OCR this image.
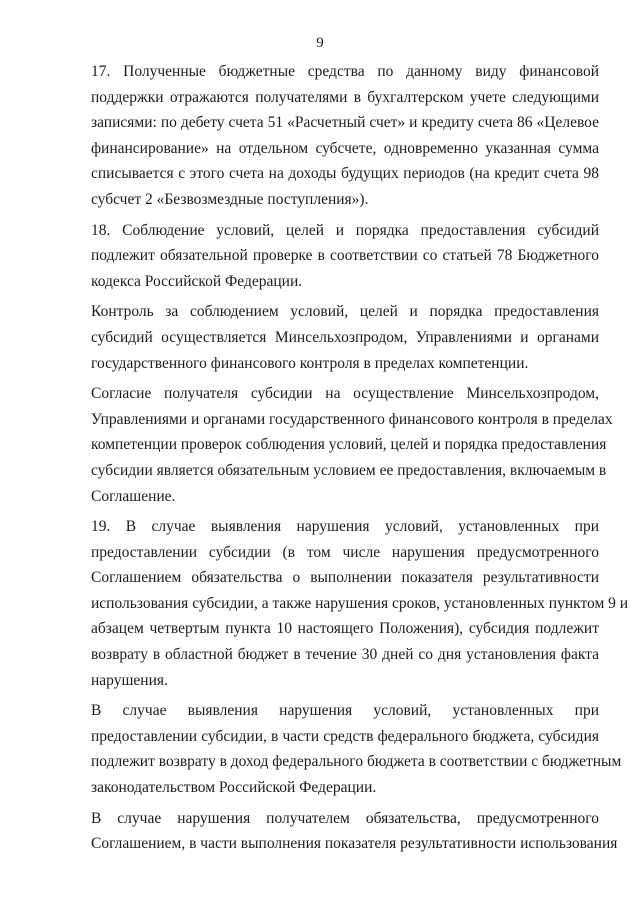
9

17. Полученные бюджетные средства по данному виду финансовой
поддержки отражаются получателями в бухгалтерском учете следующими
записями: по дебету счета 51 «Расчетный счет» и кредиту счета 86 «Целевое
финансирование» на отдельном субсчете, одновременно указанная сумма
списывается с этого счета на доходы будущих периодов (на кредит счета 98
субсчет 2 «Безвозмездные поступления»).

18. Соблюдение условий, целей и порядка предоставления субсидий
подлежит обязательной проверке в соответствии со статьей 78 Бюджетного
кодекса Российской Федерации.

Контроль за соблюдением условий, целей и порядка предоставления
субсидий осуществляется Минсельхозпродом, Управлениями и органами
государственного финансового контроля в пределах компетенции.

Согласие получателя субсидии на осуществление Минсельхозпродом,
Управлениями и органами государственного финансового контроля в пределах
компетенции проверок соблюдения условий, целей и порядка предоставления
субсидии является обязательным условием ее предоставления, включаемым в
Соглашение.

19. В случае выявления нарушения условий, установленных при
предоставлении субсидии (в том числе нарушения предусмотренного
Соглашением обязательства о выполнении показателя результативности
использования субсидии, а также нарушения сроков, установленных пунктом 9 и
абзацем четвертым пункта 10 настоящего Положения), субсидия подлежит
возврату в областной бюджет в течение 30 дней со дня установления факта
нарушения.

В случае выявления нарушения условий, установленных при
предоставлении субсидии, в части средств федерального бюджета, субсидия
подлежит возврату в доход федерального бюджета в соответствии с бюджетным
законодательством Российской Федерации.

В случае нарушения получателем обязательства, предусмотренного
Соглашением, в части выполнения показателя результативности использования
